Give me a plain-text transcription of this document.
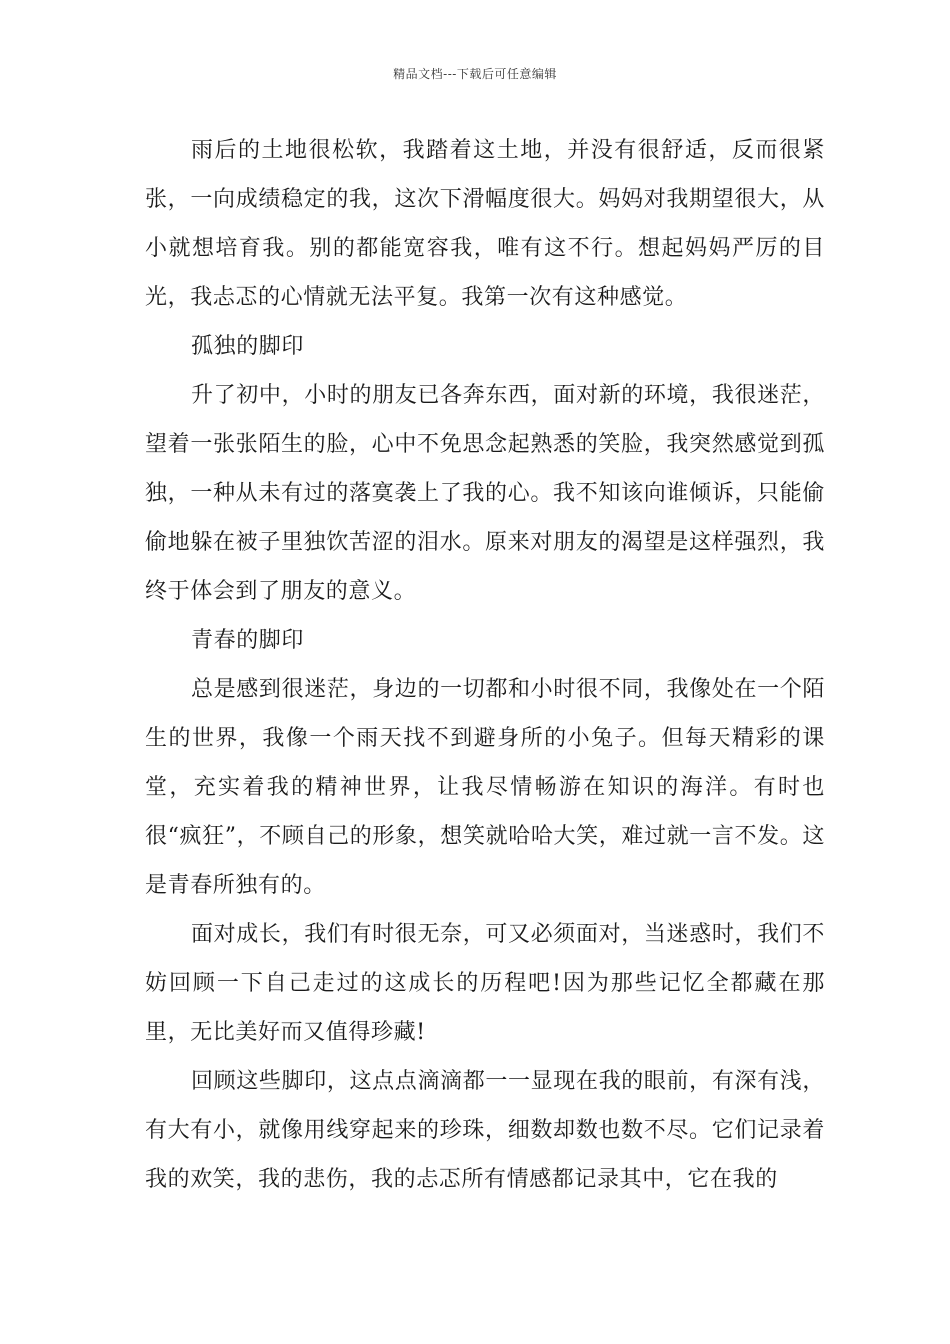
精品文档---下载后可任意编辑

雨后的土地很松软，我踏着这土地，并没有很舒适，反而很紧张，一向成绩稳定的我，这次下滑幅度很大。妈妈对我期望很大，从小就想培育我。别的都能宽容我，唯有这不行。想起妈妈严厉的目光，我忐忑的心情就无法平复。我第一次有这种感觉。

孤独的脚印

升了初中，小时的朋友已各奔东西，面对新的环境，我很迷茫，望着一张张陌生的脸，心中不免思念起熟悉的笑脸，我突然感觉到孤独，一种从未有过的落寞袭上了我的心。我不知该向谁倾诉，只能偷偷地躲在被子里独饮苦涩的泪水。原来对朋友的渴望是这样强烈，我终于体会到了朋友的意义。

青春的脚印

总是感到很迷茫，身边的一切都和小时很不同，我像处在一个陌生的世界，我像一个雨天找不到避身所的小兔子。但每天精彩的课堂，充实着我的精神世界，让我尽情畅游在知识的海洋。有时也很“疯狂”，不顾自己的形象，想笑就哈哈大笑，难过就一言不发。这是青春所独有的。

面对成长，我们有时很无奈，可又必须面对，当迷惑时，我们不妨回顾一下自己走过的这成长的历程吧!因为那些记忆全都藏在那里，无比美好而又值得珍藏!

回顾这些脚印，这点点滴滴都一一显现在我的眼前，有深有浅，有大有小，就像用线穿起来的珍珠，细数却数也数不尽。它们记录着我的欢笑，我的悲伤，我的忐忑所有情感都记录其中，它在我的
